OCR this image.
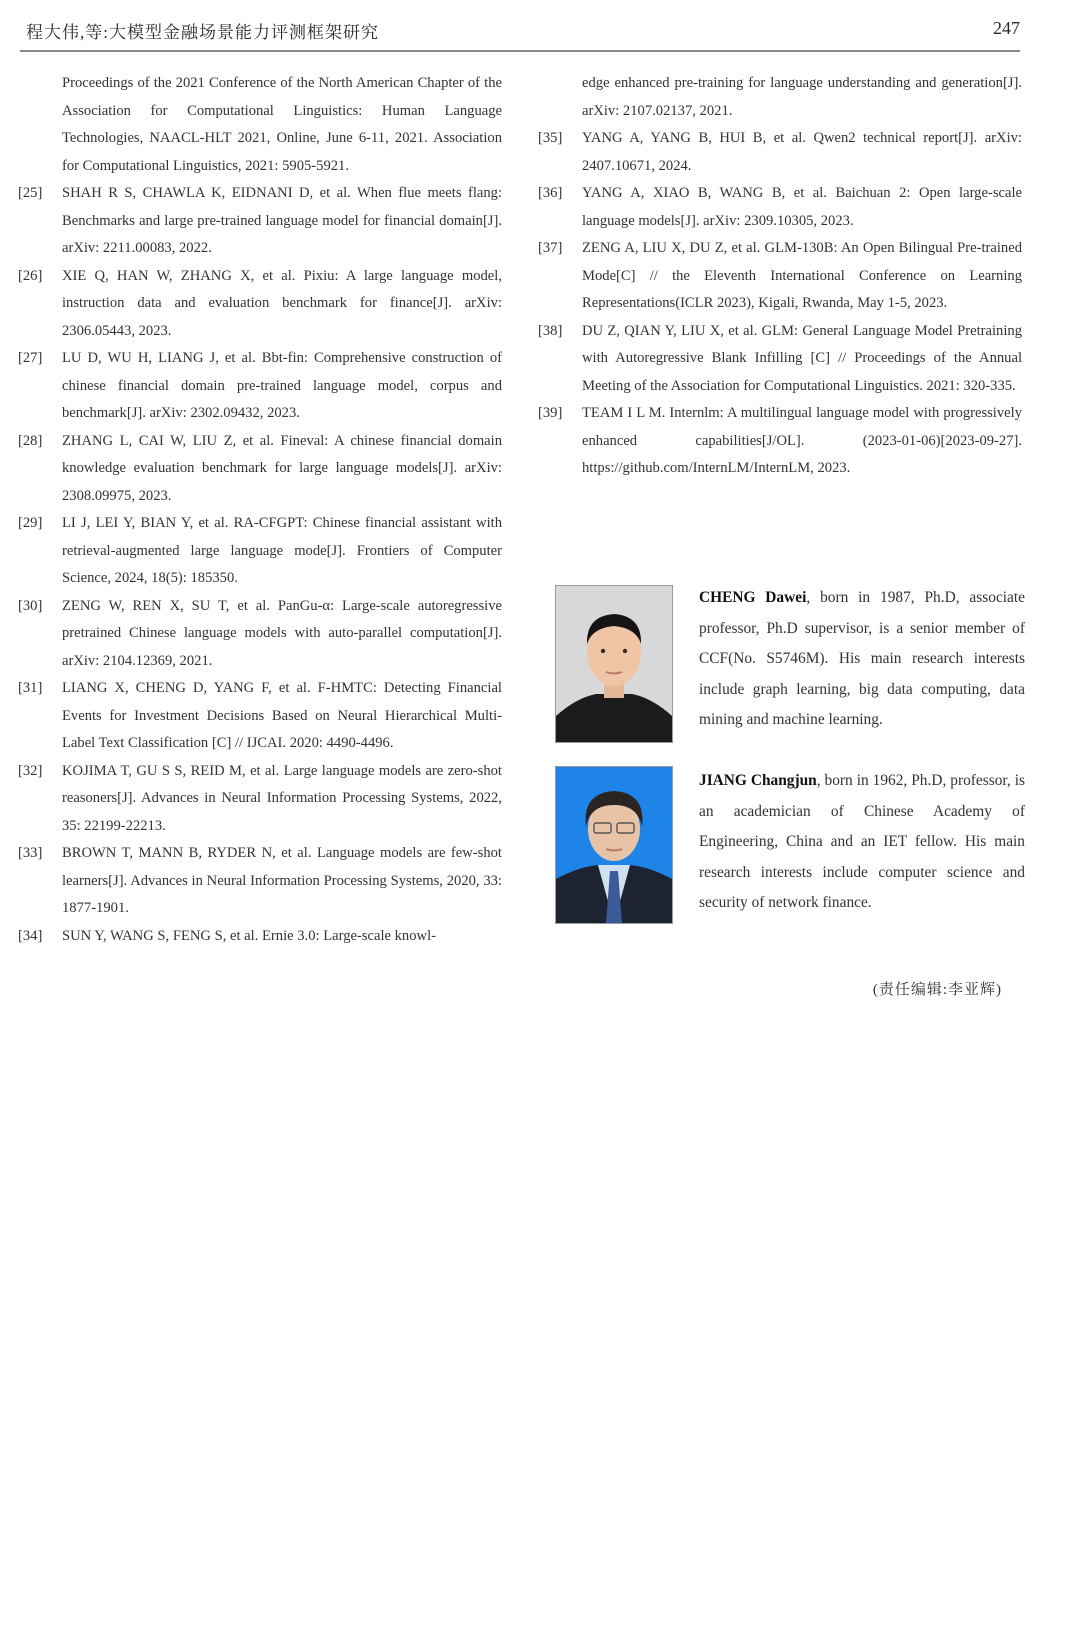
程大伟,等:大模型金融场景能力评测框架研究	247
Proceedings of the 2021 Conference of the North American Chapter of the Association for Computational Linguistics: Human Language Technologies, NAACL-HLT 2021, Online, June 6-11, 2021. Association for Computational Linguistics, 2021: 5905-5921.
[25] SHAH R S, CHAWLA K, EIDNANI D, et al. When flue meets flang: Benchmarks and large pre-trained language model for financial domain[J]. arXiv: 2211.00083, 2022.
[26] XIE Q, HAN W, ZHANG X, et al. Pixiu: A large language model, instruction data and evaluation benchmark for finance[J]. arXiv: 2306.05443, 2023.
[27] LU D, WU H, LIANG J, et al. Bbt-fin: Comprehensive construction of chinese financial domain pre-trained language model, corpus and benchmark[J]. arXiv: 2302.09432, 2023.
[28] ZHANG L, CAI W, LIU Z, et al. Fineval: A chinese financial domain knowledge evaluation benchmark for large language models[J]. arXiv: 2308.09975, 2023.
[29] LI J, LEI Y, BIAN Y, et al. RA-CFGPT: Chinese financial assistant with retrieval-augmented large language mode[J]. Frontiers of Computer Science, 2024, 18(5): 185350.
[30] ZENG W, REN X, SU T, et al. PanGu-α: Large-scale autoregressive pretrained Chinese language models with auto-parallel computation[J]. arXiv: 2104.12369, 2021.
[31] LIANG X, CHENG D, YANG F, et al. F-HMTC: Detecting Financial Events for Investment Decisions Based on Neural Hierarchical Multi-Label Text Classification [C] // IJCAI. 2020: 4490-4496.
[32] KOJIMA T, GU S S, REID M, et al. Large language models are zero-shot reasoners[J]. Advances in Neural Information Processing Systems, 2022, 35: 22199-22213.
[33] BROWN T, MANN B, RYDER N, et al. Language models are few-shot learners[J]. Advances in Neural Information Processing Systems, 2020, 33: 1877-1901.
[34] SUN Y, WANG S, FENG S, et al. Ernie 3.0: Large-scale knowl-
edge enhanced pre-training for language understanding and generation[J]. arXiv: 2107.02137, 2021.
[35] YANG A, YANG B, HUI B, et al. Qwen2 technical report[J]. arXiv: 2407.10671, 2024.
[36] YANG A, XIAO B, WANG B, et al. Baichuan 2: Open large-scale language models[J]. arXiv: 2309.10305, 2023.
[37] ZENG A, LIU X, DU Z, et al. GLM-130B: An Open Bilingual Pre-trained Mode[C] // the Eleventh International Conference on Learning Representations(ICLR 2023), Kigali, Rwanda, May 1-5, 2023.
[38] DU Z, QIAN Y, LIU X, et al. GLM: General Language Model Pretraining with Autoregressive Blank Infilling [C] // Proceedings of the Annual Meeting of the Association for Computational Linguistics. 2021: 320-335.
[39] TEAM I L M. Internlm: A multilingual language model with progressively enhanced capabilities[J/OL]. (2023-01-06)[2023-09-27]. https://github.com/InternLM/InternLM, 2023.
CHENG Dawei, born in 1987, Ph.D, associate professor, Ph.D supervisor, is a senior member of CCF(No. S5746M). His main research interests include graph learning, big data computing, data mining and machine learning.
JIANG Changjun, born in 1962, Ph.D, professor, is an academician of Chinese Academy of Engineering, China and an IET fellow. His main research interests include computer science and security of network finance.
(责任编辑:李亚辉)
